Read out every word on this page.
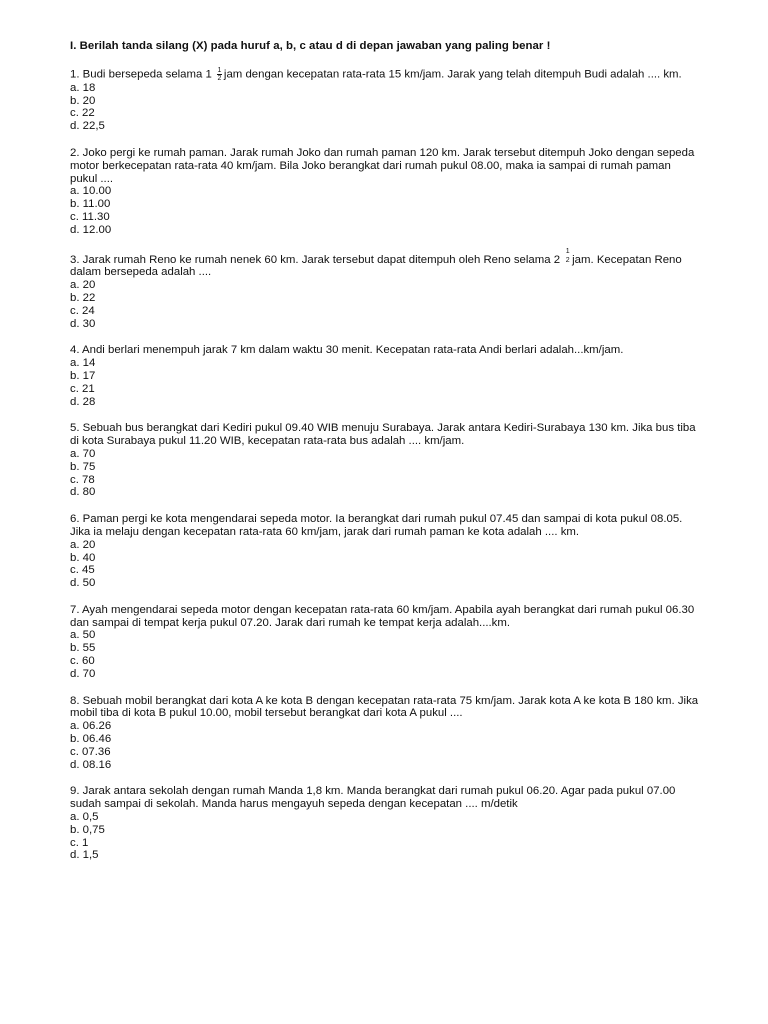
I. Berilah tanda silang (X) pada huruf a, b, c atau d di depan jawaban yang paling benar !

1. Budi bersepeda selama $1 \frac{1}{2}$ jam dengan kecepatan rata-rata 15 km/jam. Jarak yang telah ditempuh Budi adalah .... km.

a. 18
b. 20
c. 22
d. 22,5

2. Joko pergi ke rumah paman. Jarak rumah Joko dan rumah paman 120 km. Jarak tersebut ditempuh Joko dengan sepeda motor berkecepatan rata-rata 40 km/jam. Bila Joko berangkat dari rumah pukul 08.00, maka ia sampai di rumah paman pukul ....

a. 10.00
b. 11.00
c. 11.30
d. 12.00

3. Jarak rumah Reno ke rumah nenek 60 km. Jarak tersebut dapat ditempuh oleh Reno selama 2
1
2 jam. Kecepatan Reno dalam bersepeda adalah ....

a. 20
b. 22
c. 24
d. 30

4. Andi berlari menempuh jarak 7 km dalam waktu 30 menit. Kecepatan rata-rata Andi berlari adalah...km/jam.

a. 14
b. 17
c. 21
d. 28

5. Sebuah bus berangkat dari Kediri pukul 09.40 WIB menuju Surabaya. Jarak antara Kediri-Surabaya 130 km. Jika bus tiba di kota Surabaya pukul 11.20 WIB, kecepatan rata-rata bus adalah .... km/jam.

a. 70
b. 75
c. 78
d. 80

6. Paman pergi ke kota mengendarai sepeda motor. Ia berangkat dari rumah pukul 07.45 dan sampai di kota pukul 08.05. Jika ia melaju dengan kecepatan rata-rata 60 km/jam, jarak dari rumah paman ke kota adalah .... km.

a. 20
b. 40
c. 45
d. 50

7. Ayah mengendarai sepeda motor dengan kecepatan rata-rata 60 km/jam. Apabila ayah berangkat dari rumah pukul 06.30 dan sampai di tempat kerja pukul 07.20. Jarak dari rumah ke tempat kerja adalah....km.

a. 50
b. 55
c. 60
d. 70

8. Sebuah mobil berangkat dari kota A ke kota B dengan kecepatan rata-rata 75 km/jam. Jarak kota A ke kota B 180 km. Jika mobil tiba di kota B pukul 10.00, mobil tersebut berangkat dari kota A pukul ....

a. 06.26
b. 06.46
c. 07.36
d. 08.16

9. Jarak antara sekolah dengan rumah Manda 1,8 km. Manda berangkat dari rumah pukul 06.20. Agar pada pukul 07.00 sudah sampai di sekolah. Manda harus mengayuh sepeda dengan kecepatan .... m/detik

a. 0,5
b. 0,75
c. 1
d. 1,5
